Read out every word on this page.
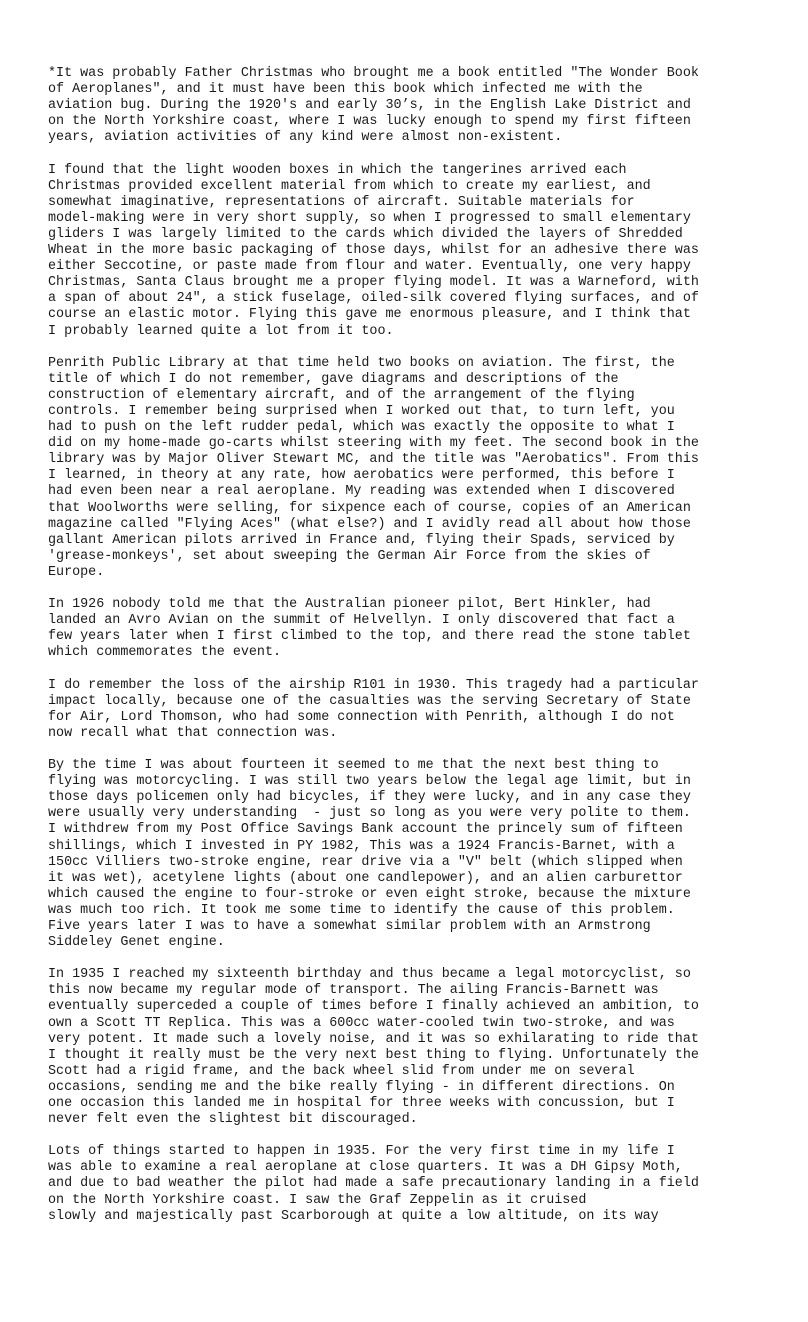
*It was probably Father Christmas who brought me a book entitled "The Wonder Book
of Aeroplanes", and it must have been this book which infected me with the
aviation bug. During the 1920's and early 30’s, in the English Lake District and
on the North Yorkshire coast, where I was lucky enough to spend my first fifteen
years, aviation activities of any kind were almost non-existent.

I found that the light wooden boxes in which the tangerines arrived each
Christmas provided excellent material from which to create my earliest, and
somewhat imaginative, representations of aircraft. Suitable materials for
model-making were in very short supply, so when I progressed to small elementary
gliders I was largely limited to the cards which divided the layers of Shredded
Wheat in the more basic packaging of those days, whilst for an adhesive there was
either Seccotine, or paste made from flour and water. Eventually, one very happy
Christmas, Santa Claus brought me a proper flying model. It was a Warneford, with
a span of about 24", a stick fuselage, oiled-silk covered flying surfaces, and of
course an elastic motor. Flying this gave me enormous pleasure, and I think that
I probably learned quite a lot from it too.

Penrith Public Library at that time held two books on aviation. The first, the
title of which I do not remember, gave diagrams and descriptions of the
construction of elementary aircraft, and of the arrangement of the flying
controls. I remember being surprised when I worked out that, to turn left, you
had to push on the left rudder pedal, which was exactly the opposite to what I
did on my home-made go-carts whilst steering with my feet. The second book in the
library was by Major Oliver Stewart MC, and the title was "Aerobatics". From this
I learned, in theory at any rate, how aerobatics were performed, this before I
had even been near a real aeroplane. My reading was extended when I discovered
that Woolworths were selling, for sixpence each of course, copies of an American
magazine called "Flying Aces" (what else?) and I avidly read all about how those
gallant American pilots arrived in France and, flying their Spads, serviced by
'grease-monkeys', set about sweeping the German Air Force from the skies of
Europe.

In 1926 nobody told me that the Australian pioneer pilot, Bert Hinkler, had
landed an Avro Avian on the summit of Helvellyn. I only discovered that fact a
few years later when I first climbed to the top, and there read the stone tablet
which commemorates the event.

I do remember the loss of the airship R101 in 1930. This tragedy had a particular
impact locally, because one of the casualties was the serving Secretary of State
for Air, Lord Thomson, who had some connection with Penrith, although I do not
now recall what that connection was.

By the time I was about fourteen it seemed to me that the next best thing to
flying was motorcycling. I was still two years below the legal age limit, but in
those days policemen only had bicycles, if they were lucky, and in any case they
were usually very understanding  - just so long as you were very polite to them.
I withdrew from my Post Office Savings Bank account the princely sum of fifteen
shillings, which I invested in PY 1982, This was a 1924 Francis-Barnet, with a
150cc Villiers two-stroke engine, rear drive via a "V" belt (which slipped when
it was wet), acetylene lights (about one candlepower), and an alien carburettor
which caused the engine to four-stroke or even eight stroke, because the mixture
was much too rich. It took me some time to identify the cause of this problem.
Five years later I was to have a somewhat similar problem with an Armstrong
Siddeley Genet engine.

In 1935 I reached my sixteenth birthday and thus became a legal motorcyclist, so
this now became my regular mode of transport. The ailing Francis-Barnett was
eventually superceded a couple of times before I finally achieved an ambition, to
own a Scott TT Replica. This was a 600cc water-cooled twin two-stroke, and was
very potent. It made such a lovely noise, and it was so exhilarating to ride that
I thought it really must be the very next best thing to flying. Unfortunately the
Scott had a rigid frame, and the back wheel slid from under me on several
occasions, sending me and the bike really flying - in different directions. On
one occasion this landed me in hospital for three weeks with concussion, but I
never felt even the slightest bit discouraged.

Lots of things started to happen in 1935. For the very first time in my life I
was able to examine a real aeroplane at close quarters. It was a DH Gipsy Moth,
and due to bad weather the pilot had made a safe precautionary landing in a field
on the North Yorkshire coast. I saw the Graf Zeppelin as it cruised
slowly and majestically past Scarborough at quite a low altitude, on its way
